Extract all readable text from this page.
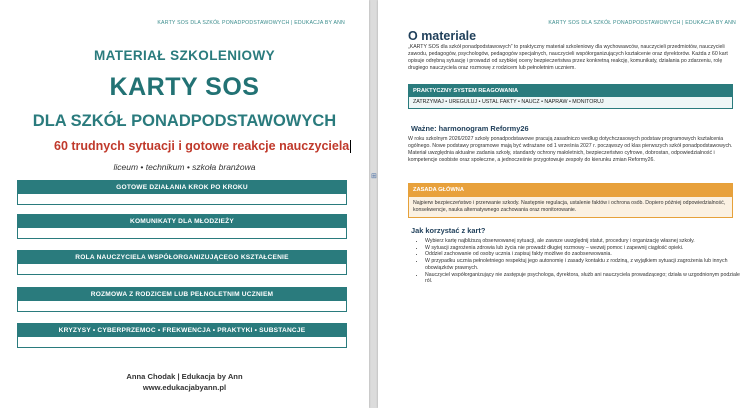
KARTY SOS DLA SZKÓŁ PONADPODSTAWOWYCH | EDUKACJA BY ANN
MATERIAŁ SZKOLENIOWY
KARTY SOS
DLA SZKÓŁ PONADPODSTAWOWYCH
60 trudnych sytuacji i gotowe reakcje nauczyciela
liceum • technikum • szkoła branżowa
GOTOWE DZIAŁANIA KROK PO KROKU
KOMUNIKATY DLA MŁODZIEŻY
ROLA NAUCZYCIELA WSPÓŁORGANIZUJĄCEGO KSZTAŁCENIE
ROZMOWA Z RODZICEM LUB PEŁNOLETNIM UCZNIEM
KRYZYSY • CYBERPRZEMOC • FREKWENCJA • PRAKTYKI • SUBSTANCJE
Anna Chodak | Edukacja by Ann
www.edukacjabyann.pl
KARTY SOS DLA SZKÓŁ PONADPODSTAWOWYCH | EDUKACJA BY ANN
O materiale
„KARTY SOS dla szkół ponadpodstawowych” to praktyczny materiał szkoleniowy dla wychowawców, nauczycieli przedmiotów, nauczycieli zawodu, pedagogów, psychologów, pedagogów specjalnych, nauczycieli współorganizujących kształcenie oraz dyrektorów. Każda z 60 kart opisuje odrębną sytuację i prowadzi od szybkiej oceny bezpieczeństwa przez konkretną reakcję, komunikaty, działania po zdarzeniu, rolę drugiego nauczyciela oraz rozmowę z rodzicem lub pełnoletnim uczniem.
PRAKTYCZNY SYSTEM REAGOWANIA
ZATRZYMAJ • UREGULUJ • USTAL FAKTY • NAUCZ • NAPRAW • MONITORUJ
Ważne: harmonogram Reformy26
W roku szkolnym 2026/2027 szkoły ponadpodstawowe pracują zasadniczo według dotychczasowych podstaw programowych kształcenia ogólnego. Nowe podstawy programowe mają być wdrażane od 1 września 2027 r. począwszy od klas pierwszych szkół ponadpodstawowych. Materiał uwzględnia aktualne zadania szkoły, standardy ochrony małoletnich, bezpieczeństwo cyfrowe, dobrostan, odpowiedzialność i kompetencje osobiste oraz społeczne, a jednocześnie przygotowuje zespoły do kierunku zmian Reformy26.
ZASADA GŁÓWNA
Najpierw bezpieczeństwo i przerwanie szkody. Następnie regulacja, ustalenie faktów i ochrona osób. Dopiero później odpowiedzialność, konsekwencje, nauka alternatywnego zachowania oraz monitorowanie.
Jak korzystać z kart?
• Wybierz kartę najbliższą obserwowanej sytuacji, ale zawsze uwzględnij statut, procedury i organizację własnej szkoły.
• W sytuacji zagrożenia zdrowia lub życia nie prowadź długiej rozmowy – wezwij pomoc i zapewnij ciągłość opieki.
• Oddziel zachowanie od osoby ucznia i zapisuj fakty możliwe do zaobserwowania.
• W przypadku ucznia pełnoletniego respektuj jego autonomię i zasady kontaktu z rodziną, z wyjątkiem sytuacji zagrożenia lub innych obowiązków prawnych.
• Nauczyciel współorganizujący nie zastępuje psychologa, dyrektora, służb ani nauczyciela prowadzącego; działa w uzgodnionym podziale ról.
⊞
